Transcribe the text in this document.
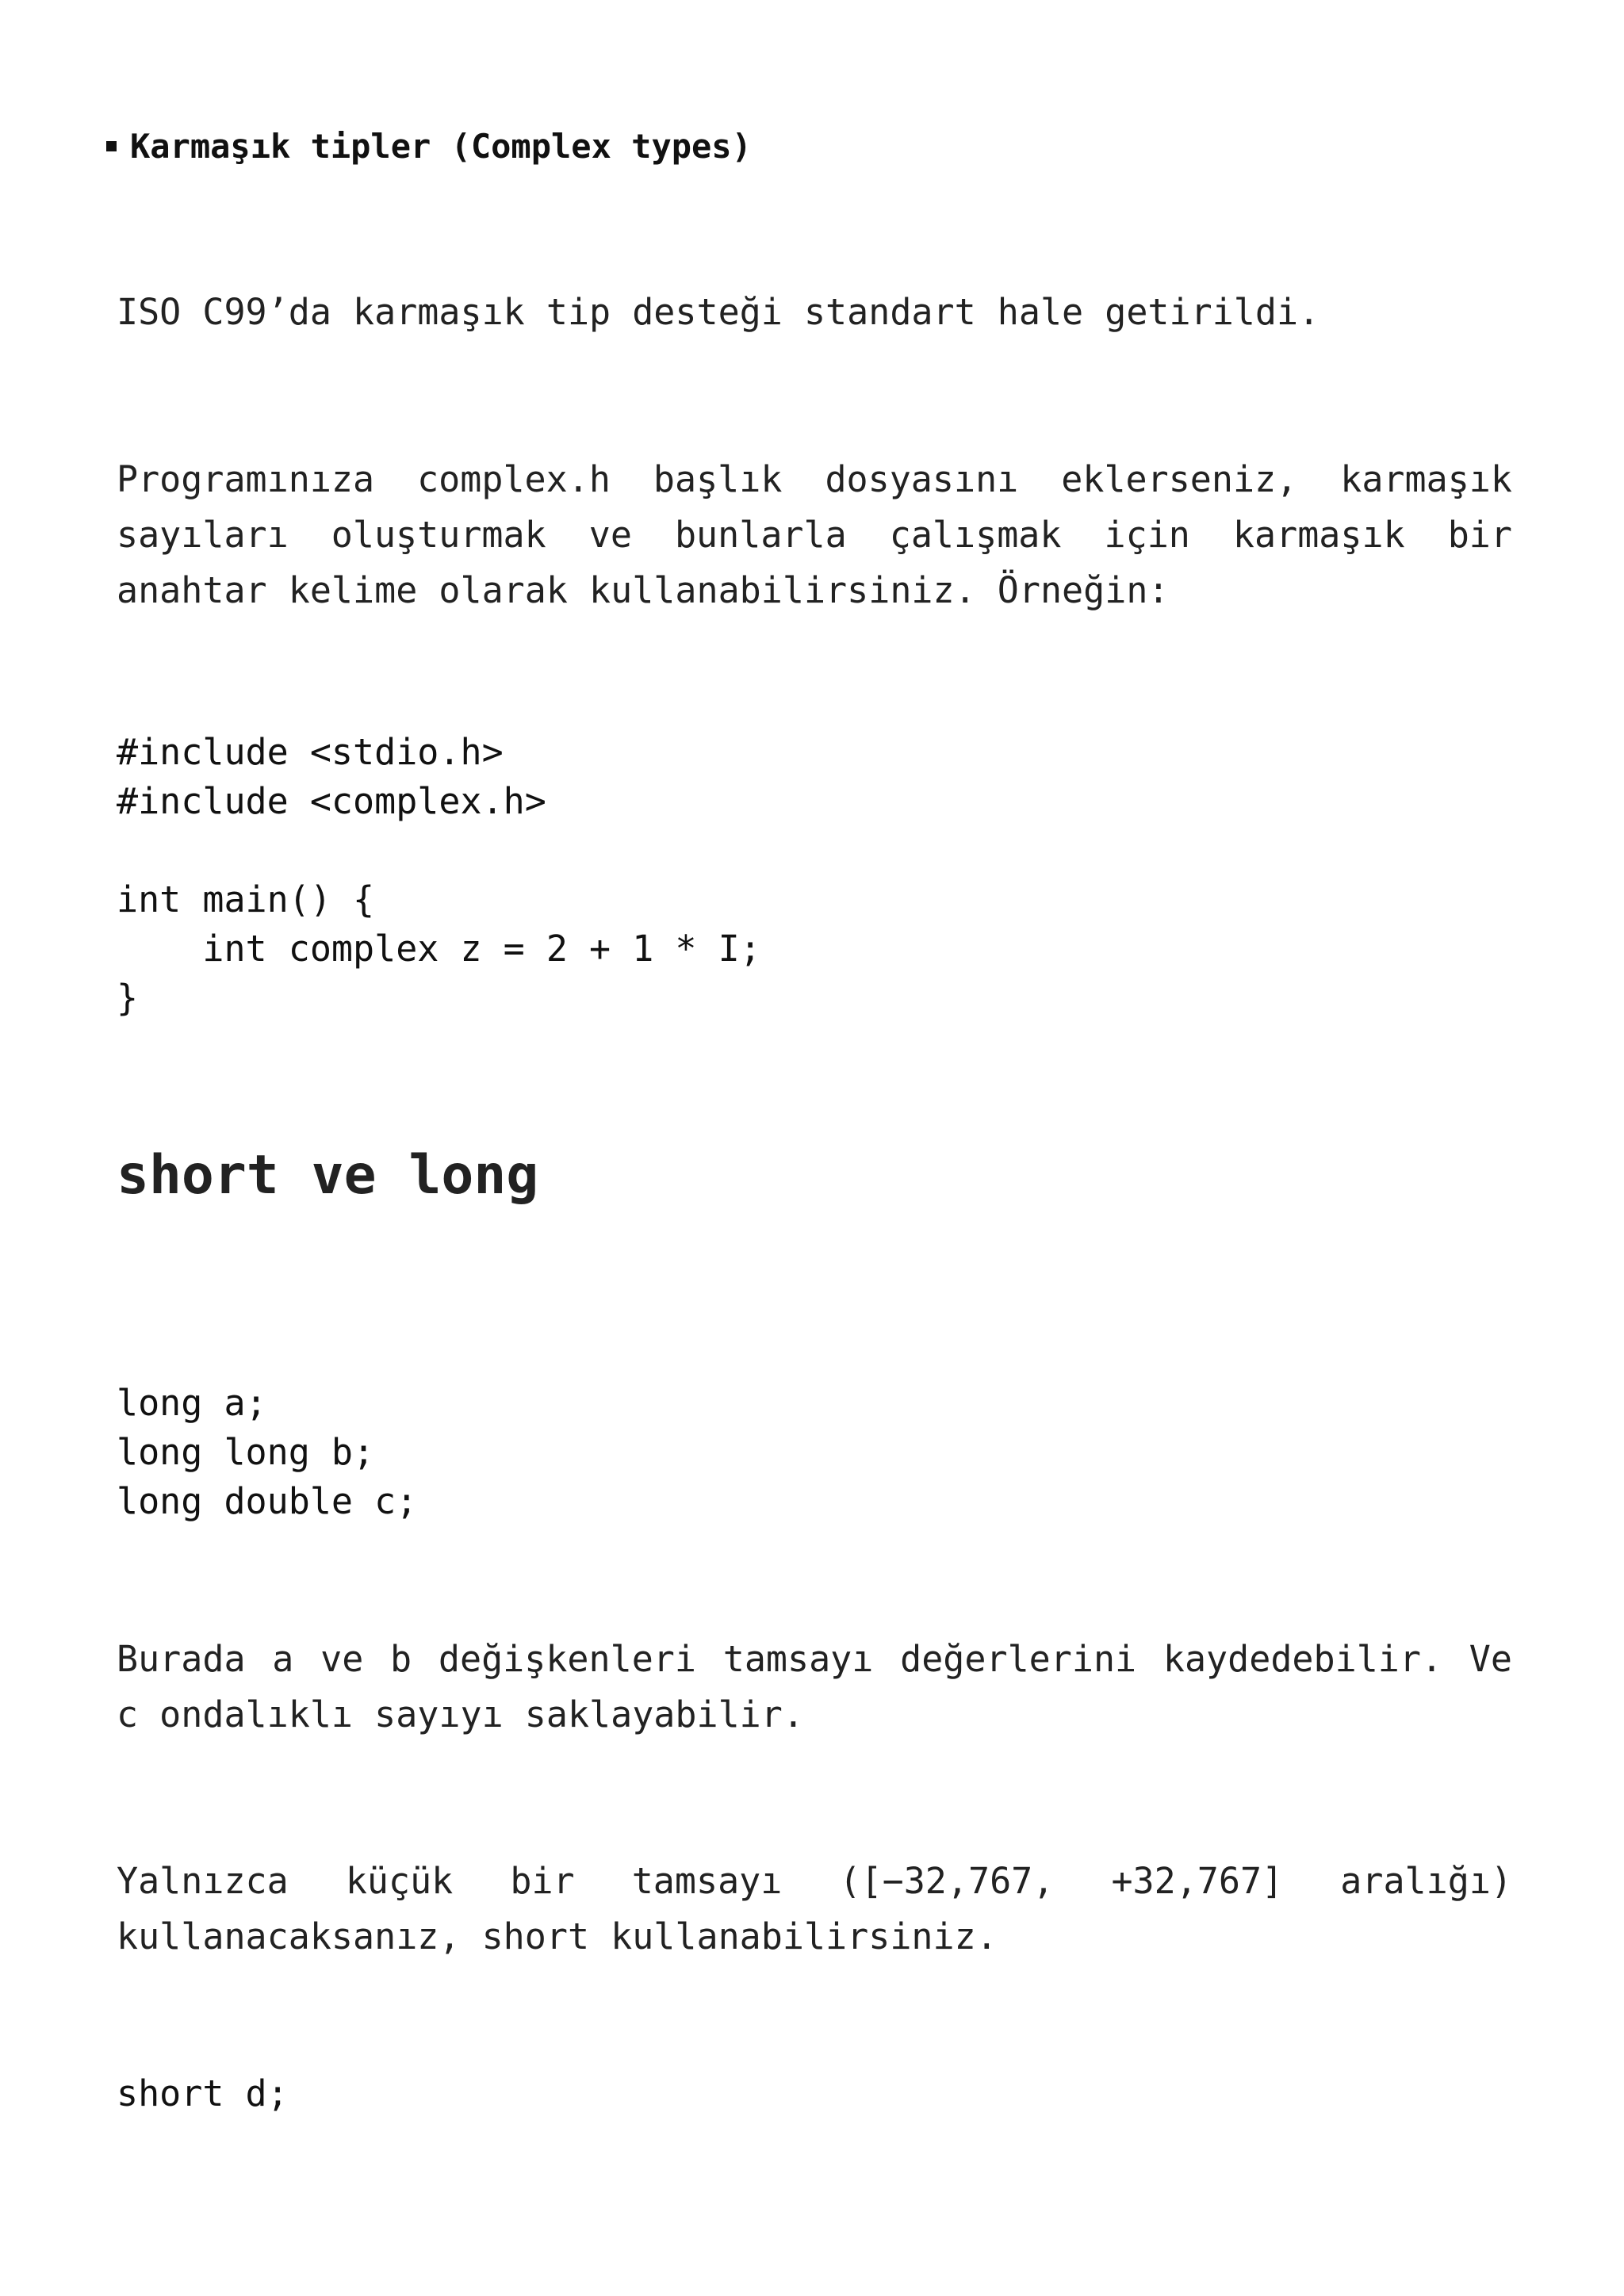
Karmaşık tipler (Complex types)
ISO C99’da karmaşık tip desteği standart hale getirildi.
Programınıza complex.h başlık dosyasını eklerseniz, karmaşık sayıları oluşturmak ve bunlarla çalışmak için karmaşık bir anahtar kelime olarak kullanabilirsiniz. Örneğin:
#include <stdio.h>
#include <complex.h>

int main() {
int complex z = 2 + 1 * I;
}
short ve long
long a;
long long b;
long double c;
Burada a ve b değişkenleri tamsayı değerlerini kaydedebilir. Ve c ondalıklı sayıyı saklayabilir.
Yalnızca küçük bir tamsayı ([−32,767, +32,767] aralığı) kullanacaksanız, short kullanabilirsiniz.
short d;
